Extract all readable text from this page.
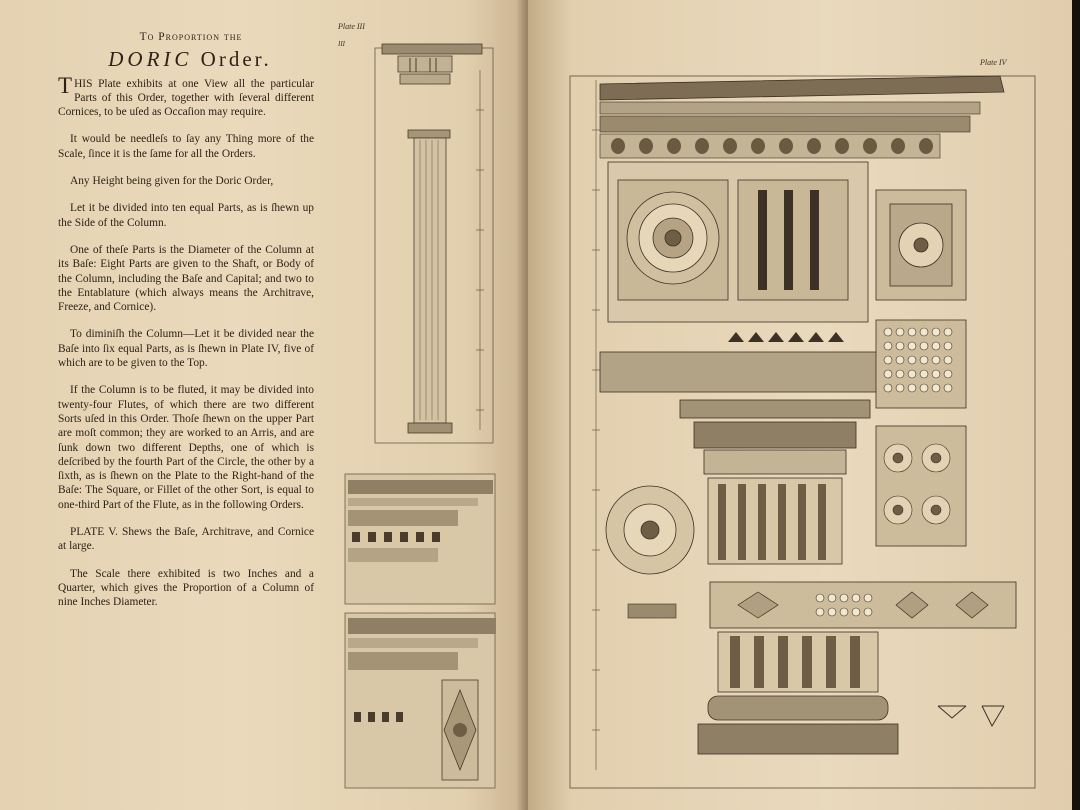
To Proportion the
DORIC Order.

THIS Plate exhibits at one View all the particular Parts of this Order, together with ſeveral different Cornices, to be uſed as Occaſion may require.

It would be needleſs to ſay any Thing more of the Scale, ſince it is the ſame for all the Orders.

Any Height being given for the Doric Order,

Let it be divided into ten equal Parts, as is ſhewn up the Side of the Column.

One of theſe Parts is the Diameter of the Column at its Baſe: Eight Parts are given to the Shaft, or Body of the Column, including the Baſe and Capital; and two to the Entablature (which always means the Architrave, Freeze, and Cornice).

To diminiſh the Column—Let it be divided near the Baſe into ſix equal Parts, as is ſhewn in Plate IV, five of which are to be given to the Top.

If the Column is to be fluted, it may be divided into twenty-four Flutes, of which there are two different Sorts uſed in this Order. Thoſe ſhewn on the upper Part are moſt common; they are worked to an Arris, and are ſunk down two different Depths, one of which is deſcribed by the fourth Part of the Circle, the other by a ſixth, as is ſhewn on the Plate to the Right-hand of the Baſe: The Square, or Fillet of the other Sort, is equal to one-third Part of the Flute, as in the following Orders.

PLATE V. Shews the Baſe, Architrave, and Cornice at large.

The Scale there exhibited is two Inches and a Quarter, which gives the Proportion of a Column of nine Inches Diameter.

Plate III
III
Plate IV
